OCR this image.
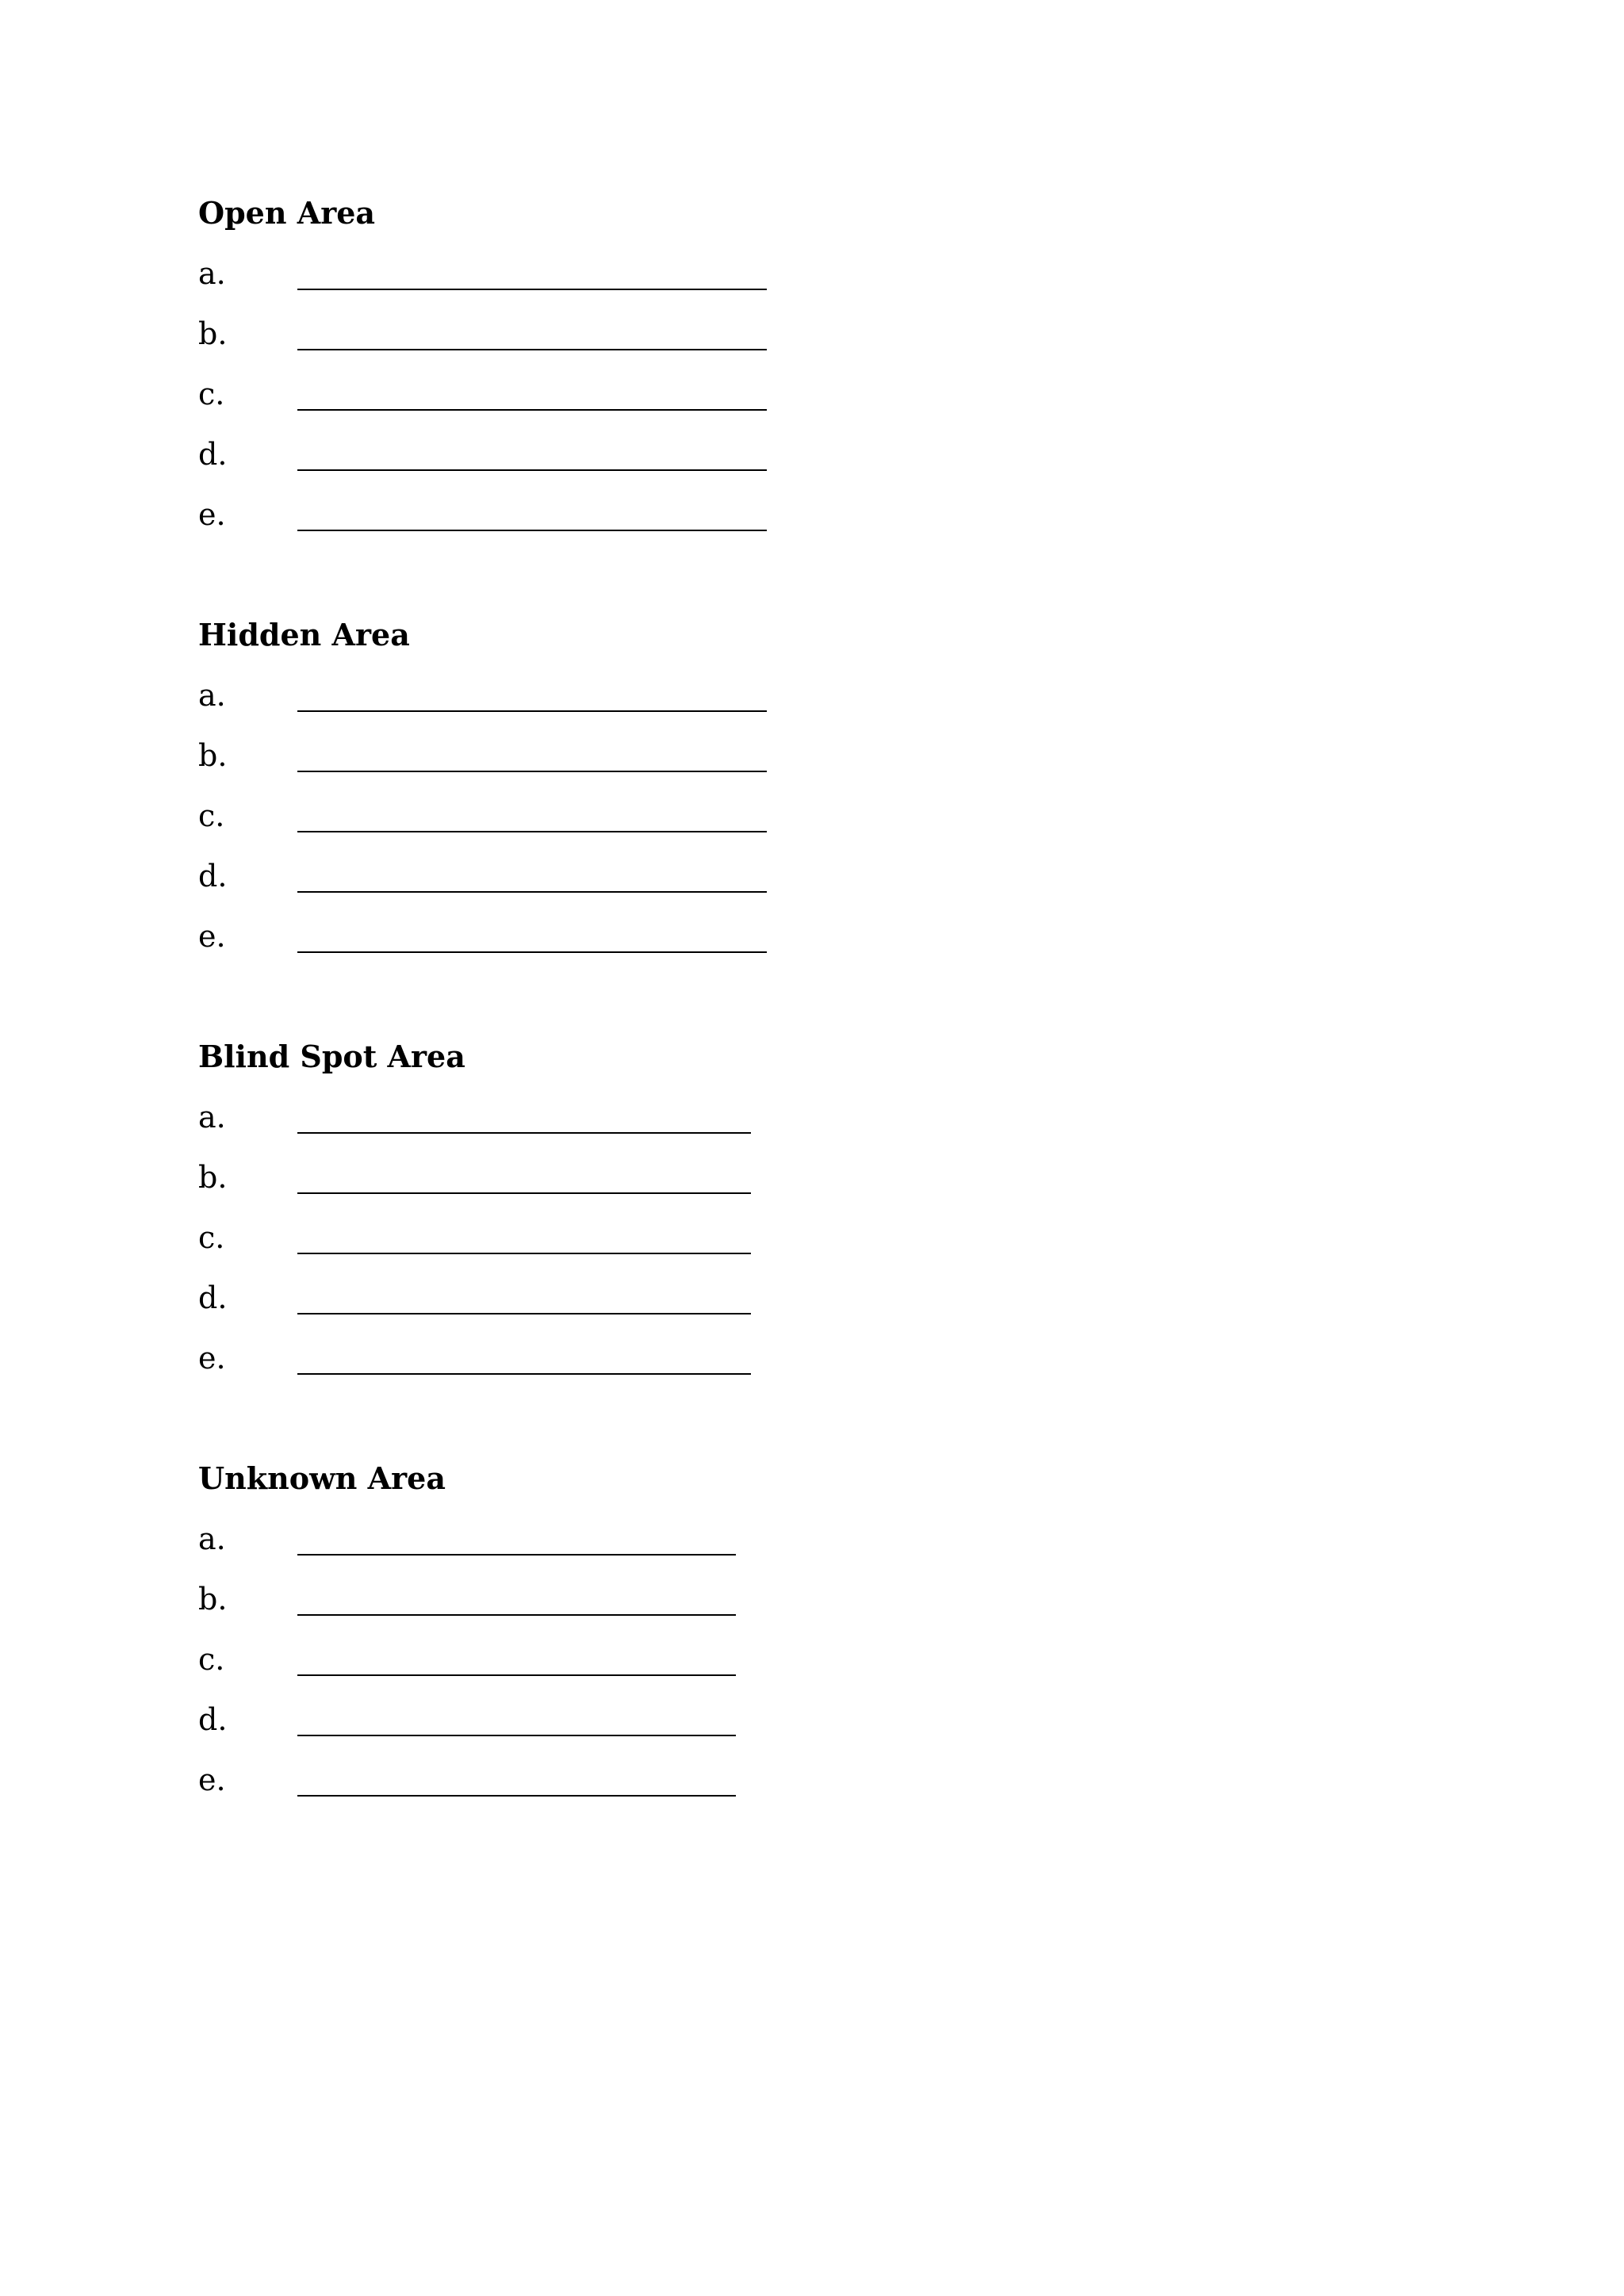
Open Area
a.
b.
c.
d.
e.
Hidden Area
a.
b.
c.
d.
e.
Blind Spot Area
a.
b.
c.
d.
e.
Unknown Area
a.
b.
c.
d.
e.
